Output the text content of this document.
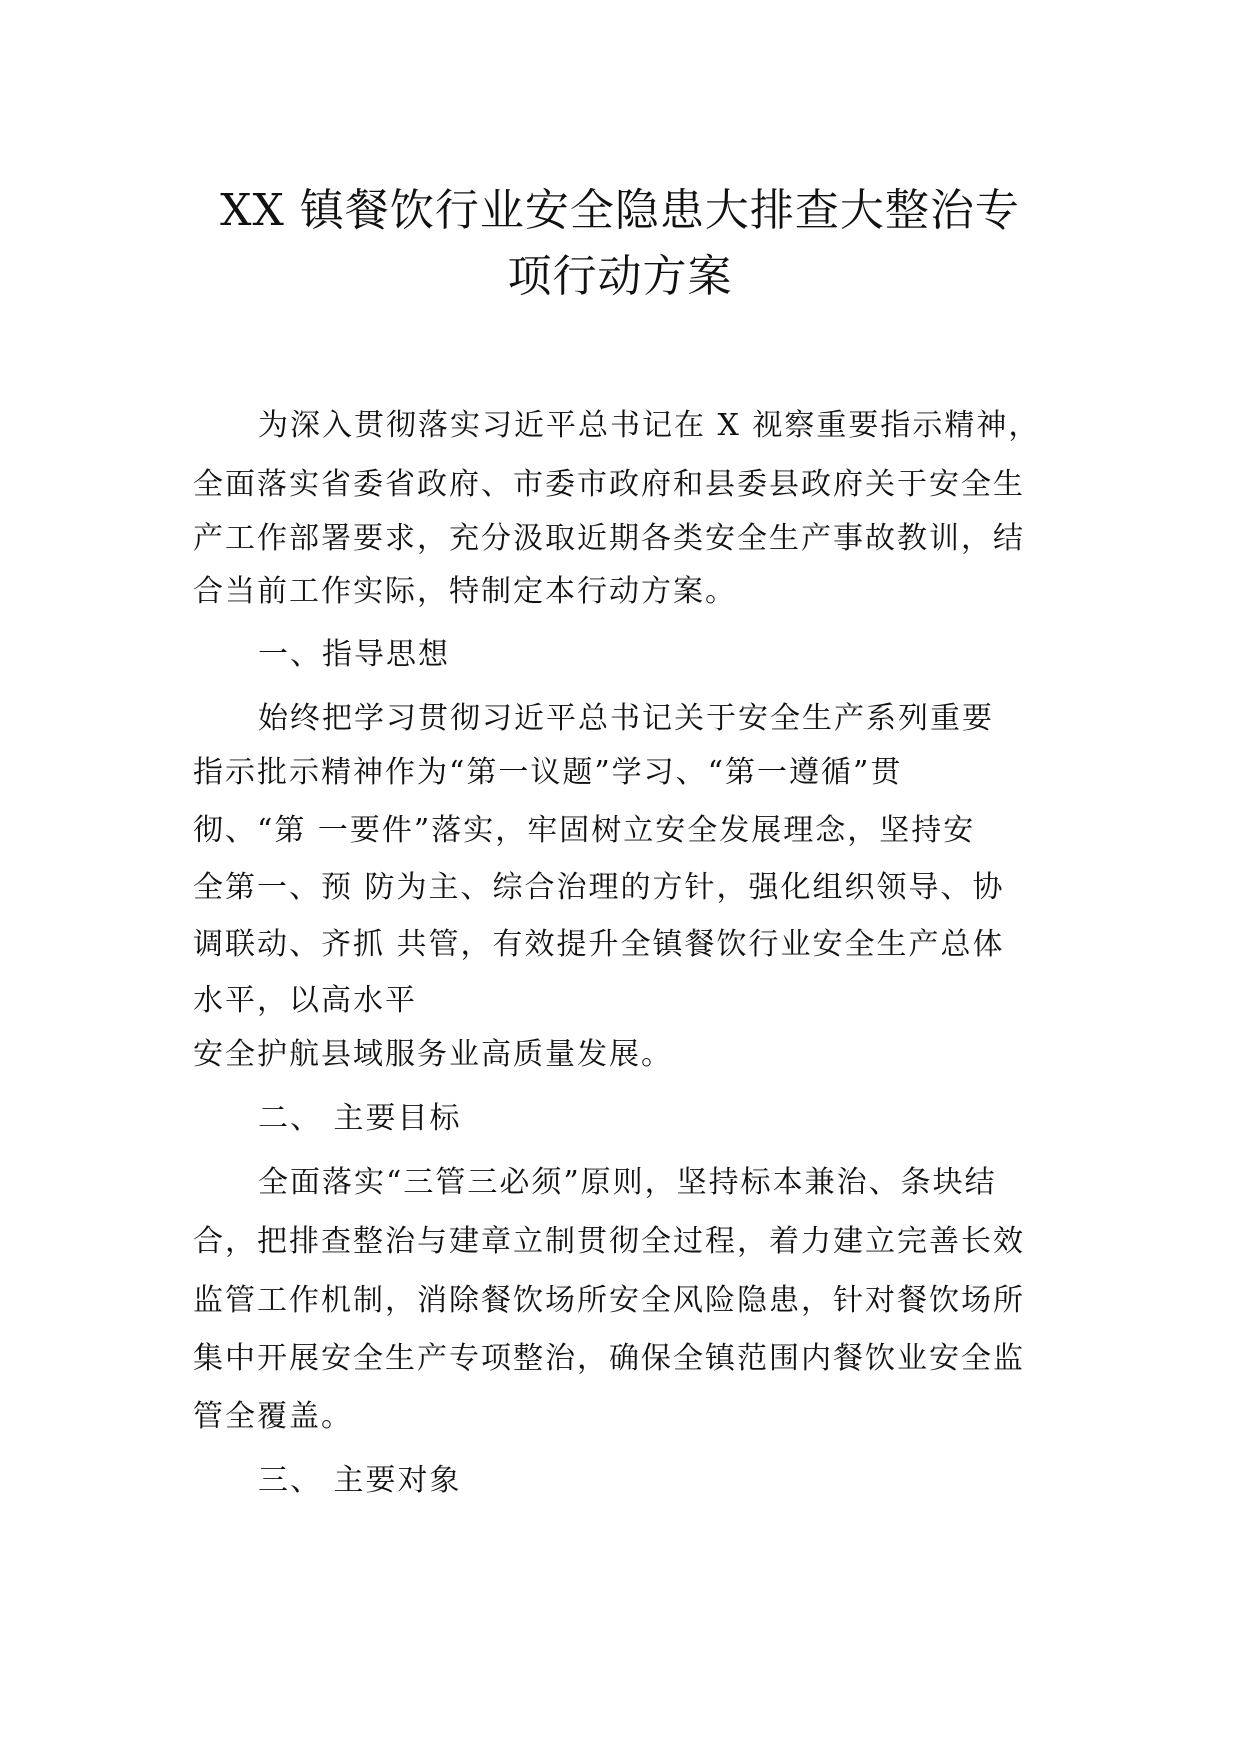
XX 镇餐饮行业安全隐患大排查大整治专
项行动方案
为深入贯彻落实习近平总书记在 X 视察重要指示精神，
全面落实省委省政府、市委市政府和县委县政府关于安全生
产工作部署要求，充分汲取近期各类安全生产事故教训，结
合当前工作实际，特制定本行动方案。
一、指导思想
始终把学习贯彻习近平总书记关于安全生产系列重要
指示批示精神作为“第一议题”学习、“第一遵循”贯
彻、“第 一要件”落实，牢固树立安全发展理念，坚持安
全第一、预 防为主、综合治理的方针，强化组织领导、协
调联动、齐抓 共管，有效提升全镇餐饮行业安全生产总体
水平，以高水平
安全护航县域服务业高质量发展。
二、 主要目标
全面落实“三管三必须”原则，坚持标本兼治、条块结
合，把排查整治与建章立制贯彻全过程，着力建立完善长效
监管工作机制，消除餐饮场所安全风险隐患，针对餐饮场所
集中开展安全生产专项整治，确保全镇范围内餐饮业安全监
管全覆盖。
三、 主要对象
